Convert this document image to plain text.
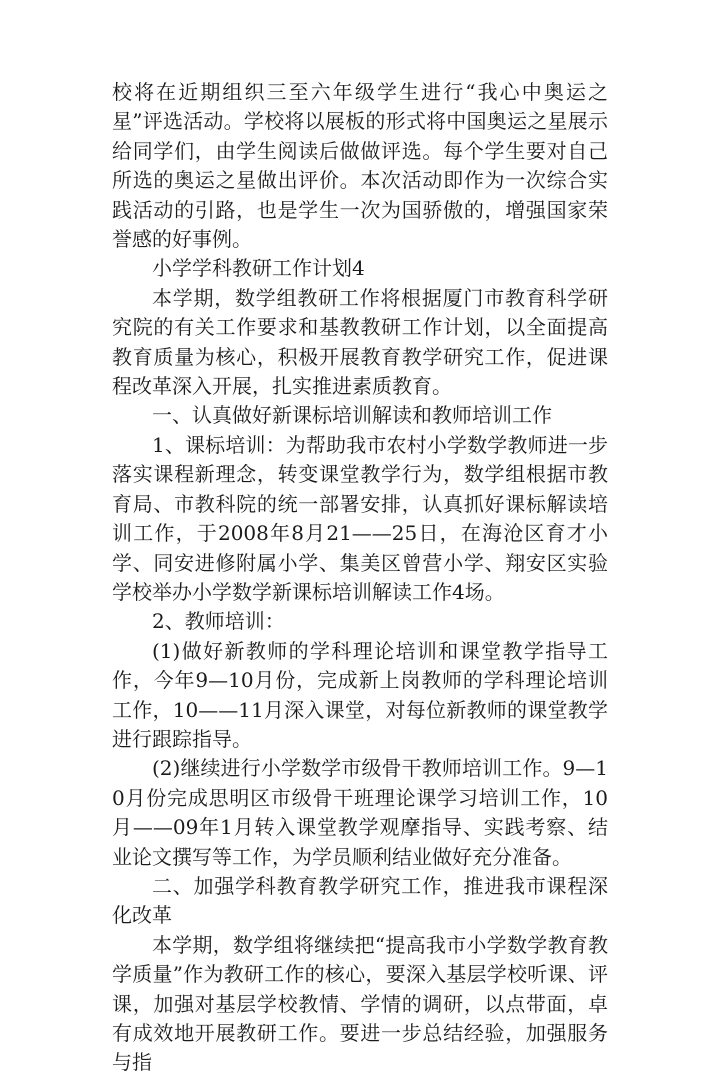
校将在近期组织三至六年级学生进行“我心中奥运之星”评选活动。学校将以展板的形式将中国奥运之星展示给同学们，由学生阅读后做做评选。每个学生要对自己所选的奥运之星做出评价。本次活动即作为一次综合实践活动的引路，也是学生一次为国骄傲的，增强国家荣誉感的好事例。

小学学科教研工作计划4

本学期，数学组教研工作将根据厦门市教育科学研究院的有关工作要求和基教教研工作计划，以全面提高教育质量为核心，积极开展教育教学研究工作，促进课程改革深入开展，扎实推进素质教育。

一、认真做好新课标培训解读和教师培训工作

1、课标培训：为帮助我市农村小学数学教师进一步落实课程新理念，转变课堂教学行为，数学组根据市教育局、市教科院的统一部署安排，认真抓好课标解读培训工作，于2008年8月21——25日，在海沧区育才小学、同安进修附属小学、集美区曾营小学、翔安区实验学校举办小学数学新课标培训解读工作4场。

2、教师培训：

(1)做好新教师的学科理论培训和课堂教学指导工作，今年9—10月份，完成新上岗教师的学科理论培训工作，10——11月深入课堂，对每位新教师的课堂教学进行跟踪指导。

(2)继续进行小学数学市级骨干教师培训工作。9—10月份完成思明区市级骨干班理论课学习培训工作，10月——09年1月转入课堂教学观摩指导、实践考察、结业论文撰写等工作，为学员顺利结业做好充分准备。

二、加强学科教育教学研究工作，推进我市课程深化改革

本学期，数学组将继续把“提高我市小学数学教育教学质量”作为教研工作的核心，要深入基层学校听课、评课，加强对基层学校教情、学情的调研，以点带面，卓有成效地开展教研工作。要进一步总结经验，加强服务与指
